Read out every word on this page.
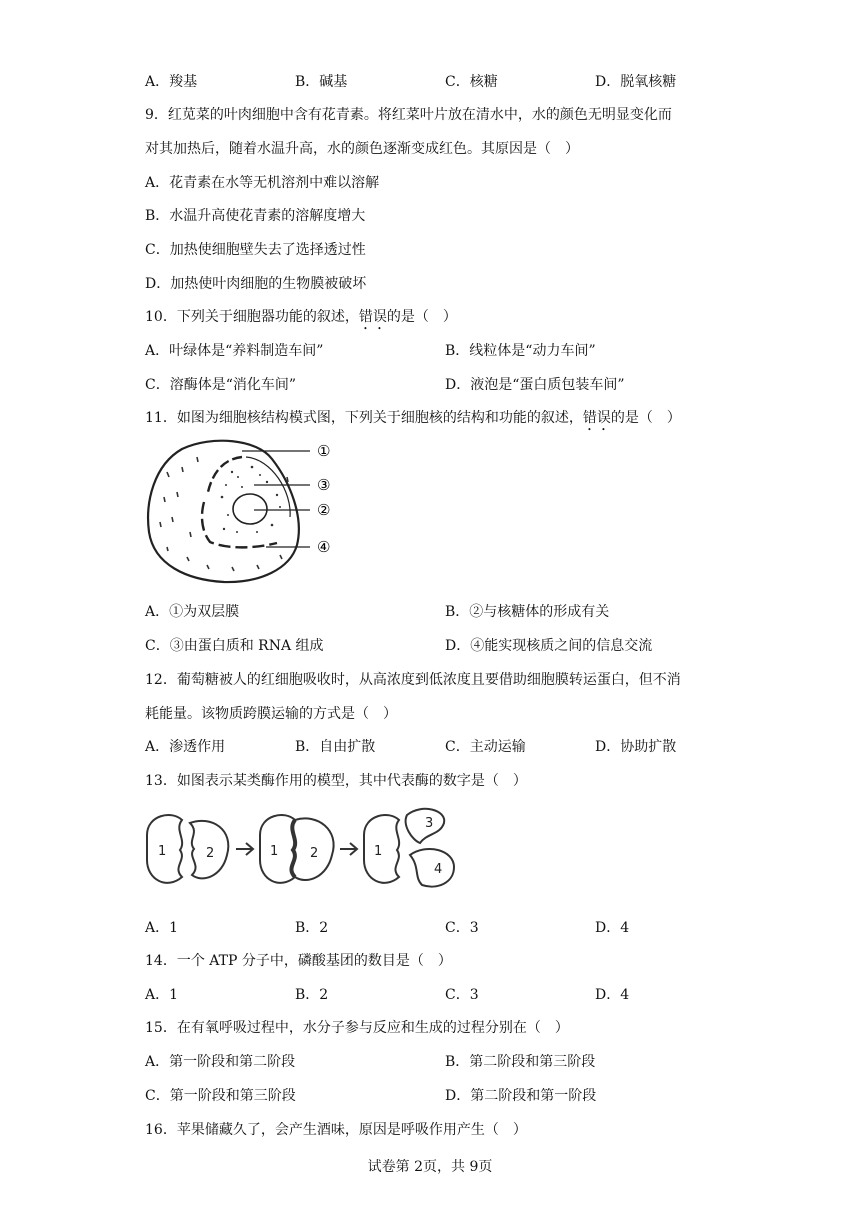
A．羧基	B．碱基	C．核糖	D．脱氧核糖
9．红苋菜的叶肉细胞中含有花青素。将红菜叶片放在清水中，水的颜色无明显变化而
对其加热后，随着水温升高，水的颜色逐渐变成红色。其原因是（　）
A．花青素在水等无机溶剂中难以溶解
B．水温升高使花青素的溶解度增大
C．加热使细胞壁失去了选择透过性
D．加热使叶肉细胞的生物膜被破坏
10．下列关于细胞器功能的叙述，错误的是（　）
A．叶绿体是“养料制造车间”	B．线粒体是“动力车间”
C．溶酶体是“消化车间”	D．液泡是“蛋白质包装车间”
11．如图为细胞核结构模式图，下列关于细胞核的结构和功能的叙述，错误的是（　）
①
③
②
④
A．①为双层膜	B．②与核糖体的形成有关
C．③由蛋白质和 RNA 组成	D．④能实现核质之间的信息交流
12．葡萄糖被人的红细胞吸收时，从高浓度到低浓度且要借助细胞膜转运蛋白，但不消
耗能量。该物质跨膜运输的方式是（　）
A．渗透作用	B．自由扩散	C．主动运输	D．协助扩散
13．如图表示某类酶作用的模型，其中代表酶的数字是（　）
1	2	1 2	1
3
4
A．1	B．2	C．3	D．4
14．一个 ATP 分子中，磷酸基团的数目是（　）
A．1	B．2	C．3	D．4
15．在有氧呼吸过程中，水分子参与反应和生成的过程分别在（　）
A．第一阶段和第二阶段	B．第二阶段和第三阶段
C．第一阶段和第三阶段	D．第二阶段和第一阶段
16．苹果储藏久了，会产生酒味，原因是呼吸作用产生（　）
试卷第 2页，共 9页
